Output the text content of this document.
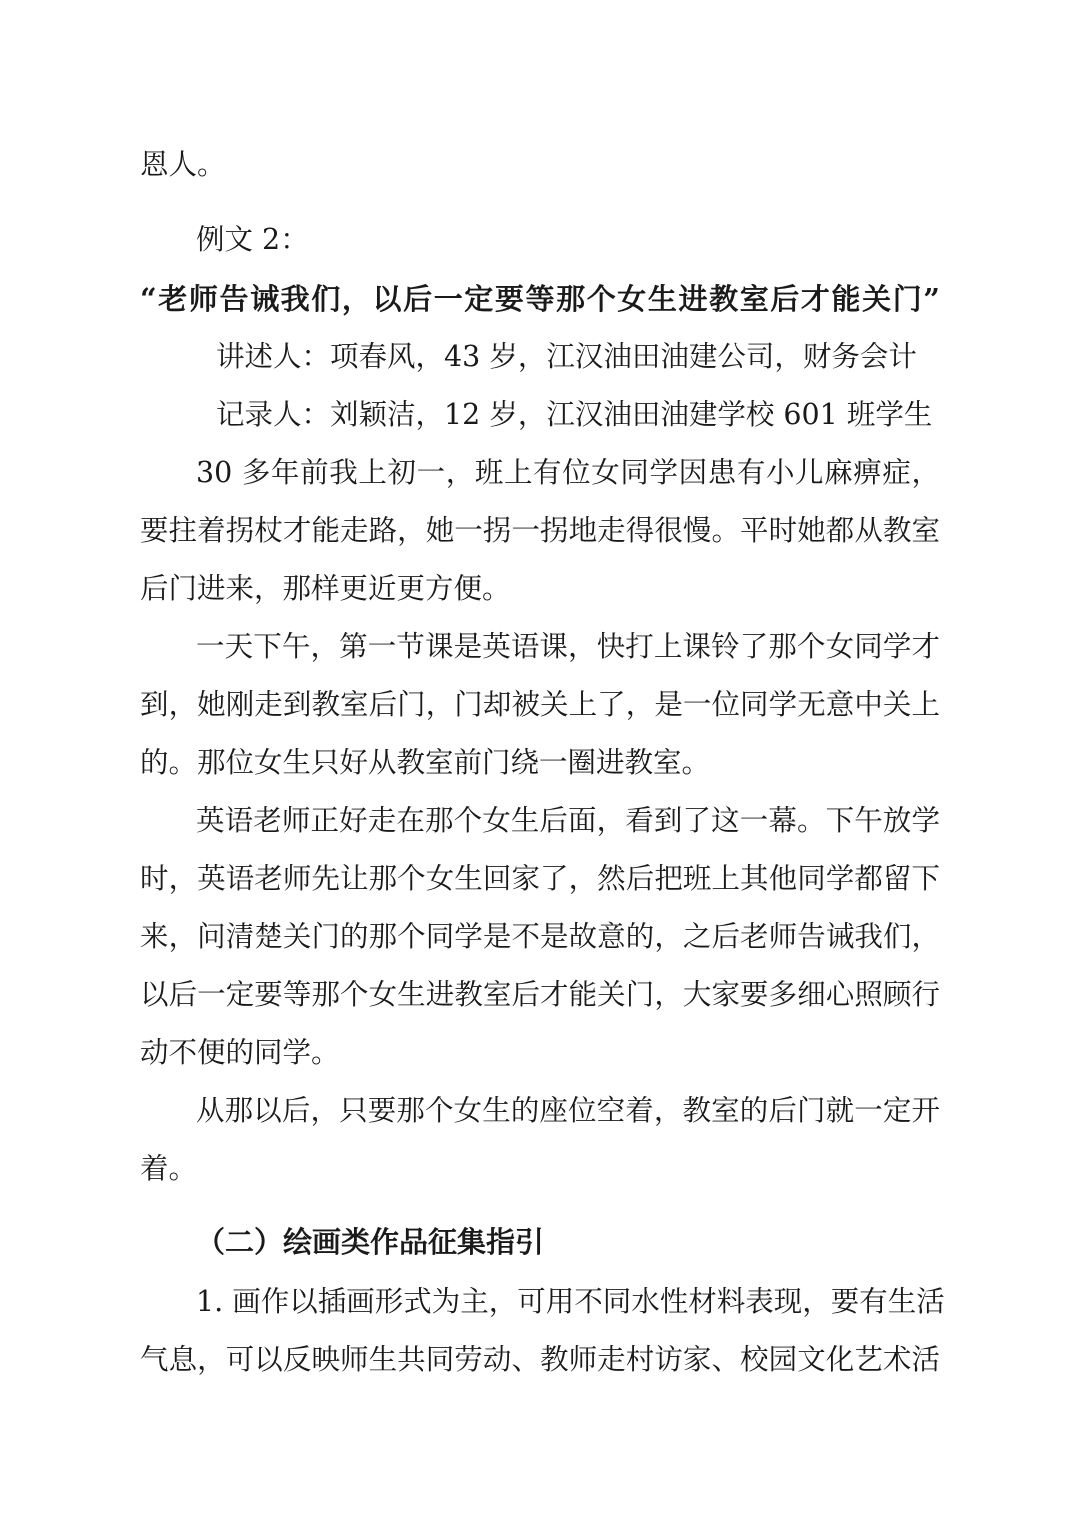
恩人。
例文 2：
“老师告诫我们，以后一定要等那个女生进教室后才能关门”
讲述人：项春风，43 岁，江汉油田油建公司，财务会计
记录人：刘颖洁，12 岁，江汉油田油建学校 601 班学生
30 多年前我上初一，班上有位女同学因患有小儿麻痹症，
要拄着拐杖才能走路，她一拐一拐地走得很慢。平时她都从教室
后门进来，那样更近更方便。
一天下午，第一节课是英语课，快打上课铃了那个女同学才
到，她刚走到教室后门，门却被关上了，是一位同学无意中关上
的。那位女生只好从教室前门绕一圈进教室。
英语老师正好走在那个女生后面，看到了这一幕。下午放学
时，英语老师先让那个女生回家了，然后把班上其他同学都留下
来，问清楚关门的那个同学是不是故意的，之后老师告诫我们，
以后一定要等那个女生进教室后才能关门，大家要多细心照顾行
动不便的同学。
从那以后，只要那个女生的座位空着，教室的后门就一定开
着。
（二）绘画类作品征集指引
1. 画作以插画形式为主，可用不同水性材料表现，要有生活
气息，可以反映师生共同劳动、教师走村访家、校园文化艺术活
